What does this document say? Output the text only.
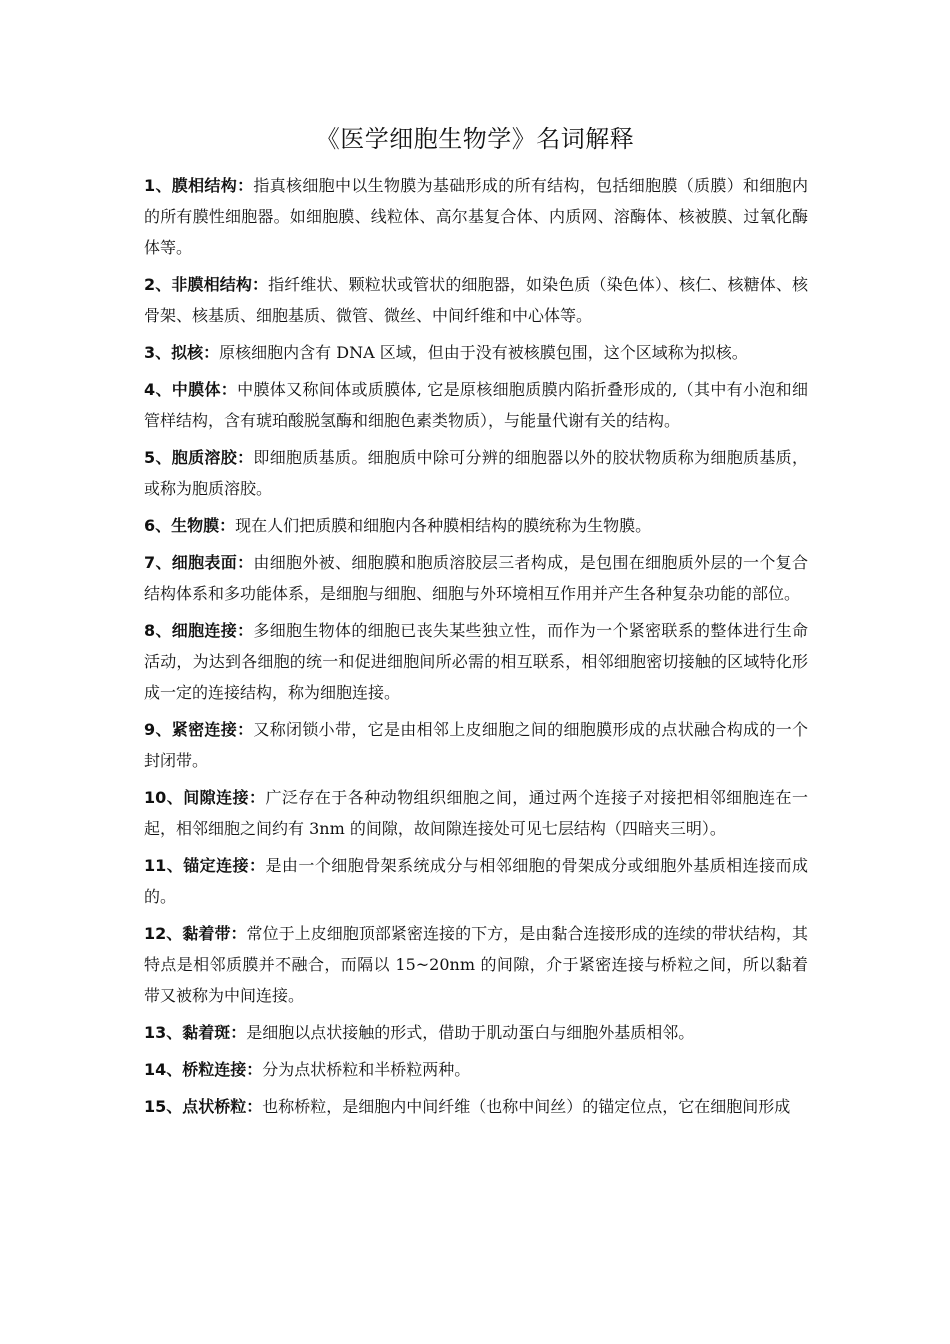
《医学细胞生物学》名词解释

1、膜相结构：指真核细胞中以生物膜为基础形成的所有结构，包括细胞膜（质膜）和细胞内的所有膜性细胞器。如细胞膜、线粒体、高尔基复合体、内质网、溶酶体、核被膜、过氧化酶体等。

2、非膜相结构：指纤维状、颗粒状或管状的细胞器，如染色质（染色体）、核仁、核糖体、核骨架、核基质、细胞基质、微管、微丝、中间纤维和中心体等。

3、拟核：原核细胞内含有 DNA 区域，但由于没有被核膜包围，这个区域称为拟核。

4、中膜体：中膜体又称间体或质膜体, 它是原核细胞质膜内陷折叠形成的,（其中有小泡和细管样结构，含有琥珀酸脱氢酶和细胞色素类物质），与能量代谢有关的结构。

5、胞质溶胶：即细胞质基质。细胞质中除可分辨的细胞器以外的胶状物质称为细胞质基质，或称为胞质溶胶。

6、生物膜：现在人们把质膜和细胞内各种膜相结构的膜统称为生物膜。

7、细胞表面：由细胞外被、细胞膜和胞质溶胶层三者构成，是包围在细胞质外层的一个复合结构体系和多功能体系，是细胞与细胞、细胞与外环境相互作用并产生各种复杂功能的部位。

8、细胞连接：多细胞生物体的细胞已丧失某些独立性，而作为一个紧密联系的整体进行生命活动，为达到各细胞的统一和促进细胞间所必需的相互联系，相邻细胞密切接触的区域特化形成一定的连接结构，称为细胞连接。

9、紧密连接：又称闭锁小带，它是由相邻上皮细胞之间的细胞膜形成的点状融合构成的一个封闭带。

10、间隙连接：广泛存在于各种动物组织细胞之间，通过两个连接子对接把相邻细胞连在一起，相邻细胞之间约有 3nm 的间隙，故间隙连接处可见七层结构（四暗夹三明）。

11、锚定连接：是由一个细胞骨架系统成分与相邻细胞的骨架成分或细胞外基质相连接而成的。

12、黏着带：常位于上皮细胞顶部紧密连接的下方，是由黏合连接形成的连续的带状结构，其特点是相邻质膜并不融合，而隔以 15~20nm 的间隙，介于紧密连接与桥粒之间，所以黏着带又被称为中间连接。

13、黏着斑：是细胞以点状接触的形式，借助于肌动蛋白与细胞外基质相邻。

14、桥粒连接：分为点状桥粒和半桥粒两种。

15、点状桥粒：也称桥粒，是细胞内中间纤维（也称中间丝）的锚定位点，它在细胞间形成
